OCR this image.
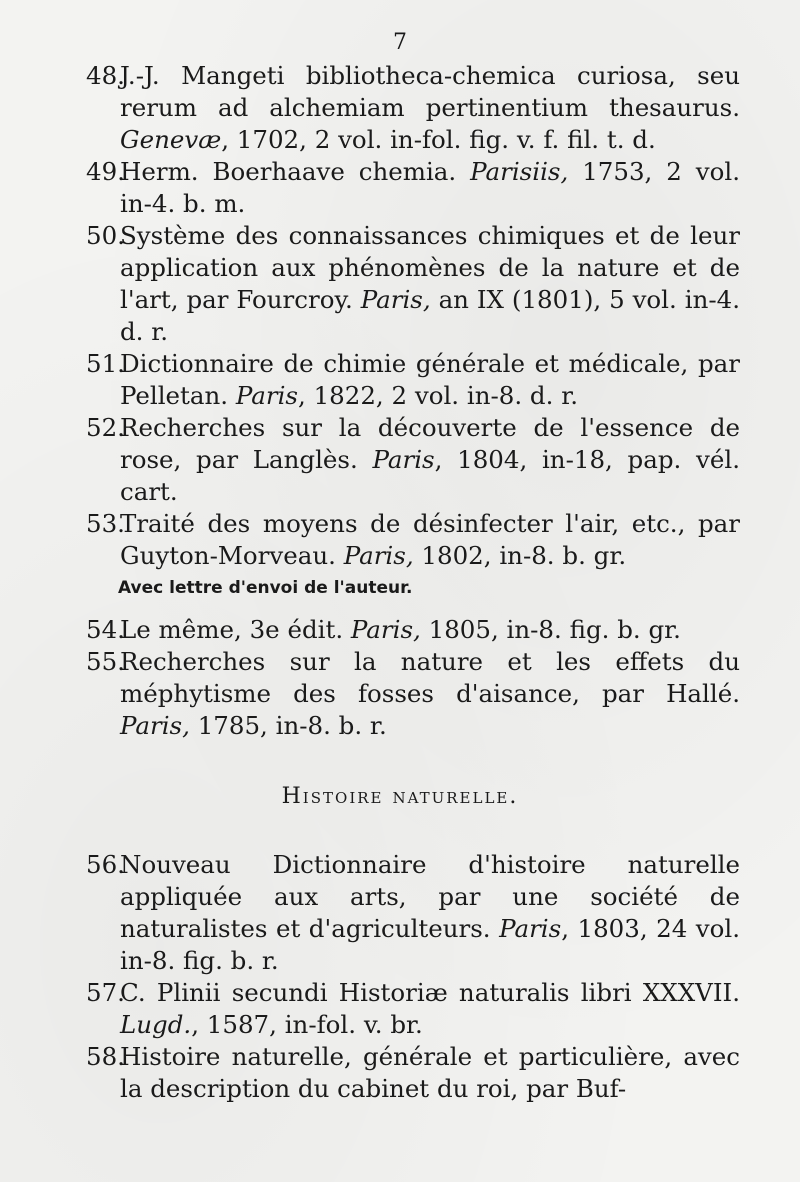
7
48.
J.-J. Mangeti bibliotheca-chemica curiosa, seu rerum ad alchemiam pertinentium thesaurus. Genevæ, 1702, 2 vol. in-fol. fig. v. f. fil. t. d.
49.
Herm. Boerhaave chemia. Parisiis, 1753, 2 vol. in-4. b. m.
50.
Système des connaissances chimiques et de leur application aux phénomènes de la nature et de l'art, par Fourcroy. Paris, an IX (1801), 5 vol. in-4. d. r.
51.
Dictionnaire de chimie générale et médicale, par Pelletan. Paris, 1822, 2 vol. in-8. d. r.
52.
Recherches sur la découverte de l'essence de rose, par Langlès. Paris, 1804, in-18, pap. vél. cart.
53.
Traité des moyens de désinfecter l'air, etc., par Guyton-Morveau. Paris, 1802, in-8. b. gr.
Avec lettre d'envoi de l'auteur.
54.
Le même, 3e édit. Paris, 1805, in-8. fig. b. gr.
55.
Recherches sur la nature et les effets du méphytisme des fosses d'aisance, par Hallé. Paris, 1785, in-8. b. r.
Histoire naturelle.
56.
Nouveau Dictionnaire d'histoire naturelle appliquée aux arts, par une société de naturalistes et d'agriculteurs. Paris, 1803, 24 vol. in-8. fig. b. r.
57.
C. Plinii secundi Historiæ naturalis libri XXXVII. Lugd., 1587, in-fol. v. br.
58.
Histoire naturelle, générale et particulière, avec la description du cabinet du roi, par Buf-
